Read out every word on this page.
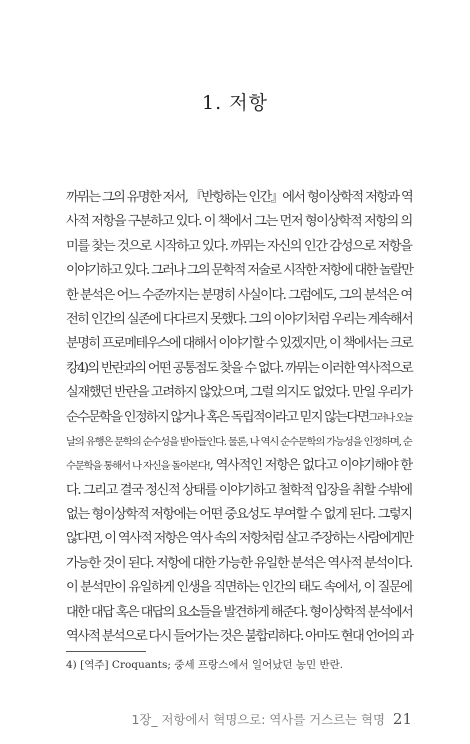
1. 저항
까뮈는 그의 유명한 저서, 『반항하는 인간』에서 형이상학적 저항과 역
사적 저항을 구분하고 있다. 이 책에서 그는 먼저 형이상학적 저항의 의
미를 찾는 것으로 시작하고 있다. 까뮈는 자신의 인간 감성으로 저항을
이야기하고 있다. 그러나 그의 문학적 저술로 시작한 저항에 대한 놀랄만
한 분석은 어느 수준까지는 분명히 사실이다. 그럼에도, 그의 분석은 여
전히 인간의 실존에 다다르지 못했다. 그의 이야기처럼 우리는 계속해서
분명히 프로메테우스에 대해서 이야기할 수 있겠지만, 이 책에서는 크로
캉4)의 반란과의 어떤 공통점도 찾을 수 없다. 까뮈는 이러한 역사적으로
실재했던 반란을 고려하지 않았으며, 그럴 의지도 없었다. 만일 우리가
순수문학을 인정하지 않거나 혹은 독립적이라고 믿지 않는다면그러나 오늘
날의 유행은 문학의 순수성을 받아들인다. 물론, 나 역시 순수문학의 가능성을 인정하며, 순
수문학을 통해서 나 자신을 돌아본다!, 역사적인 저항은 없다고 이야기해야 한
다. 그리고 결국 정신적 상태를 이야기하고 철학적 입장을 취할 수밖에
없는 형이상학적 저항에는 어떤 중요성도 부여할 수 없게 된다. 그렇지
않다면, 이 역사적 저항은 역사 속의 저항처럼 살고 주장하는 사람에게만
가능한 것이 된다. 저항에 대한 가능한 유일한 분석은 역사적 분석이다.
이 분석만이 유일하게 인생을 직면하는 인간의 태도 속에서, 이 질문에
대한 대답 혹은 대답의 요소들을 발견하게 해준다. 형이상학적 분석에서
역사적 분석으로 다시 들어가는 것은 불합리하다. 아마도 현대 언어의 과
4) [역주] Croquants; 중세 프랑스에서 일어났던 농민 반란.
1장_ 저항에서 혁명으로: 역사를 거스르는 혁명 21
